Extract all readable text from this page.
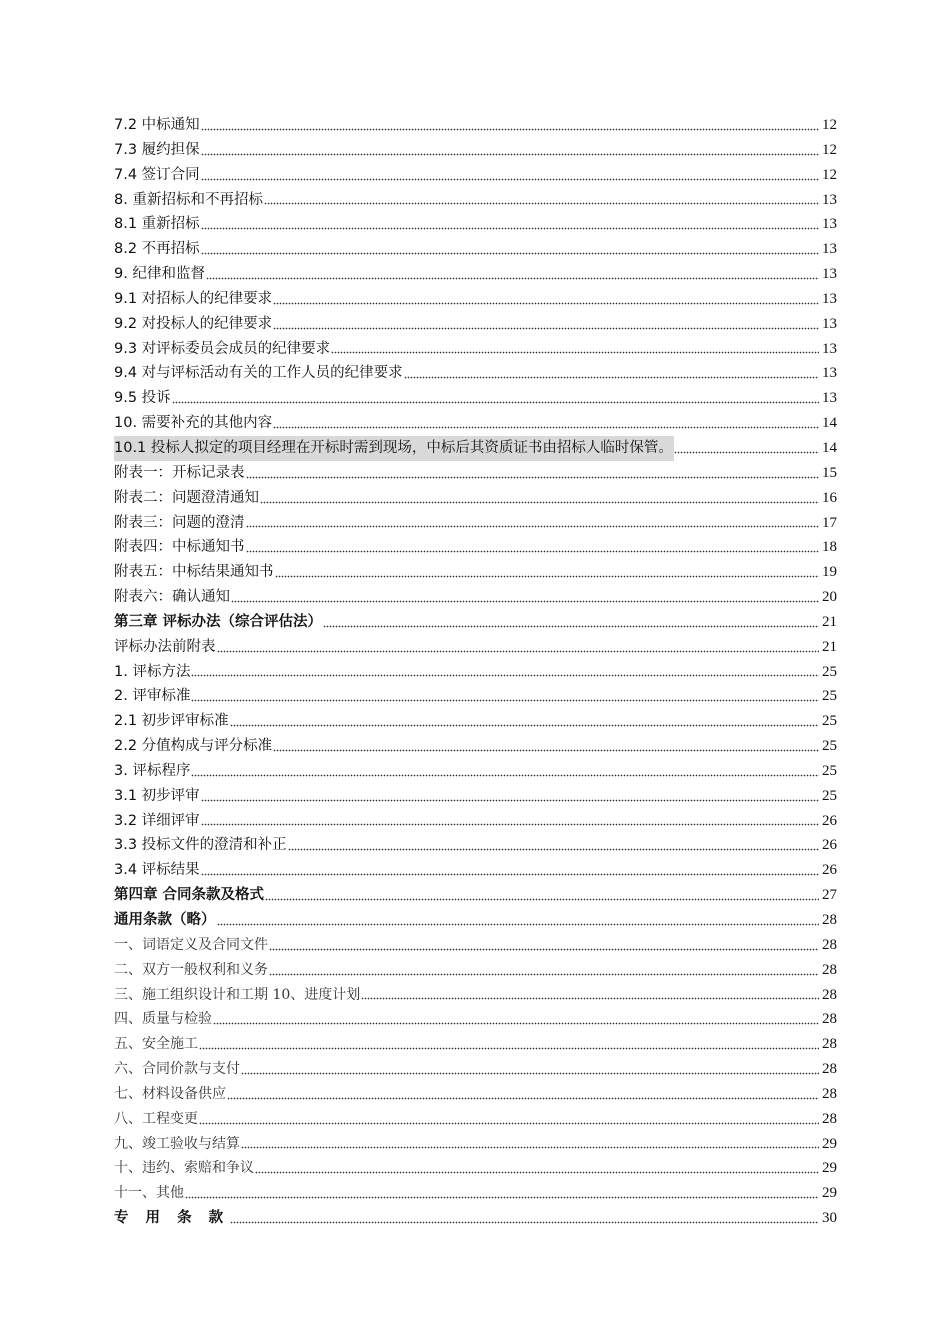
7.2 中标通知	12
7.3 履约担保	12
7.4 签订合同	12
8. 重新招标和不再招标	13
8.1 重新招标	13
8.2 不再招标	13
9. 纪律和监督	13
9.1 对招标人的纪律要求	13
9.2 对投标人的纪律要求	13
9.3 对评标委员会成员的纪律要求	13
9.4 对与评标活动有关的工作人员的纪律要求	13
9.5 投诉	13
10. 需要补充的其他内容	14
10.1 投标人拟定的项目经理在开标时需到现场，中标后其资质证书由招标人临时保管。	14
附表一：开标记录表	15
附表二：问题澄清通知	16
附表三：问题的澄清	17
附表四：中标通知书	18
附表五：中标结果通知书	19
附表六：确认通知	20
第三章 评标办法（综合评估法）	21
评标办法前附表	21
1. 评标方法	25
2. 评审标准	25
2.1 初步评审标准	25
2.2 分值构成与评分标准	25
3. 评标程序	25
3.1 初步评审	25
3.2 详细评审	26
3.3 投标文件的澄清和补正	26
3.4 评标结果	26
第四章 合同条款及格式	27
通用条款（略）	28
一、词语定义及合同文件	28
二、双方一般权利和义务	28
三、施工组织设计和工期 10、进度计划	28
四、质量与检验	28
五、安全施工	28
六、合同价款与支付	28
七、材料设备供应	28
八、工程变更	28
九、竣工验收与结算	29
十、违约、索赔和争议	29
十一、其他	29
专 用 条 款	30
